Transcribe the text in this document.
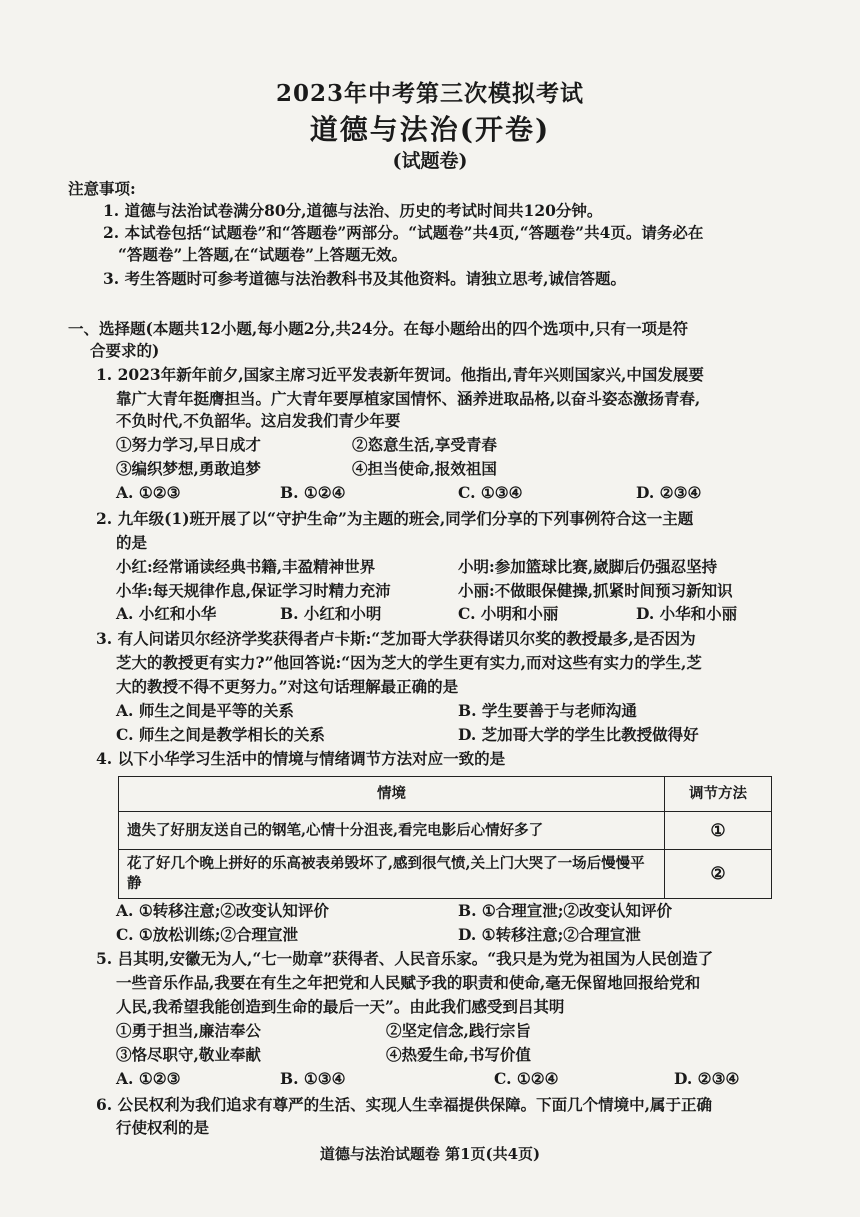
2023年中考第三次模拟考试
道德与法治(开卷)
(试题卷)
注意事项:
1. 道德与法治试卷满分80分,道德与法治、历史的考试时间共120分钟。
2. 本试卷包括“试题卷”和“答题卷”两部分。“试题卷”共4页,“答题卷”共4页。请务必在
“答题卷”上答题,在“试题卷”上答题无效。
3. 考生答题时可参考道德与法治教科书及其他资料。请独立思考,诚信答题。
一、选择题(本题共12小题,每小题2分,共24分。在每小题给出的四个选项中,只有一项是符
合要求的)
1. 2023年新年前夕,国家主席习近平发表新年贺词。他指出,青年兴则国家兴,中国发展要
靠广大青年挺膺担当。广大青年要厚植家国情怀、涵养进取品格,以奋斗姿态激扬青春,
不负时代,不负韶华。这启发我们青少年要
①努力学习,早日成才	②恣意生活,享受青春
③编织梦想,勇敢追梦	④担当使命,报效祖国
A. ①②③	B. ①②④	C. ①③④	D. ②③④
2. 九年级(1)班开展了以“守护生命”为主题的班会,同学们分享的下列事例符合这一主题
的是
小红:经常诵读经典书籍,丰盈精神世界	小明:参加篮球比赛,崴脚后仍强忍坚持
小华:每天规律作息,保证学习时精力充沛	小丽:不做眼保健操,抓紧时间预习新知识
A. 小红和小华	B. 小红和小明	C. 小明和小丽	D. 小华和小丽
3. 有人问诺贝尔经济学奖获得者卢卡斯:“芝加哥大学获得诺贝尔奖的教授最多,是否因为
芝大的教授更有实力?”他回答说:“因为芝大的学生更有实力,而对这些有实力的学生,芝
大的教授不得不更努力。”对这句话理解最正确的是
A. 师生之间是平等的关系	B. 学生要善于与老师沟通
C. 师生之间是教学相长的关系	D. 芝加哥大学的学生比教授做得好
4. 以下小华学习生活中的情境与情绪调节方法对应一致的是
情境	调节方法
遗失了好朋友送自己的钢笔,心情十分沮丧,看完电影后心情好多了	①
花了好几个晚上拼好的乐高被表弟毁坏了,感到很气愤,关上门大哭了一场后慢慢平静	②
A. ①转移注意;②改变认知评价	B. ①合理宣泄;②改变认知评价
C. ①放松训练;②合理宣泄	D. ①转移注意;②合理宣泄
5. 吕其明,安徽无为人,“七一勋章”获得者、人民音乐家。“我只是为党为祖国为人民创造了
一些音乐作品,我要在有生之年把党和人民赋予我的职责和使命,毫无保留地回报给党和
人民,我希望我能创造到生命的最后一天”。由此我们感受到吕其明
①勇于担当,廉洁奉公	②坚定信念,践行宗旨
③恪尽职守,敬业奉献	④热爱生命,书写价值
A. ①②③	B. ①③④	C. ①②④	D. ②③④
6. 公民权利为我们追求有尊严的生活、实现人生幸福提供保障。下面几个情境中,属于正确
行使权利的是
道德与法治试题卷 第1页(共4页)
